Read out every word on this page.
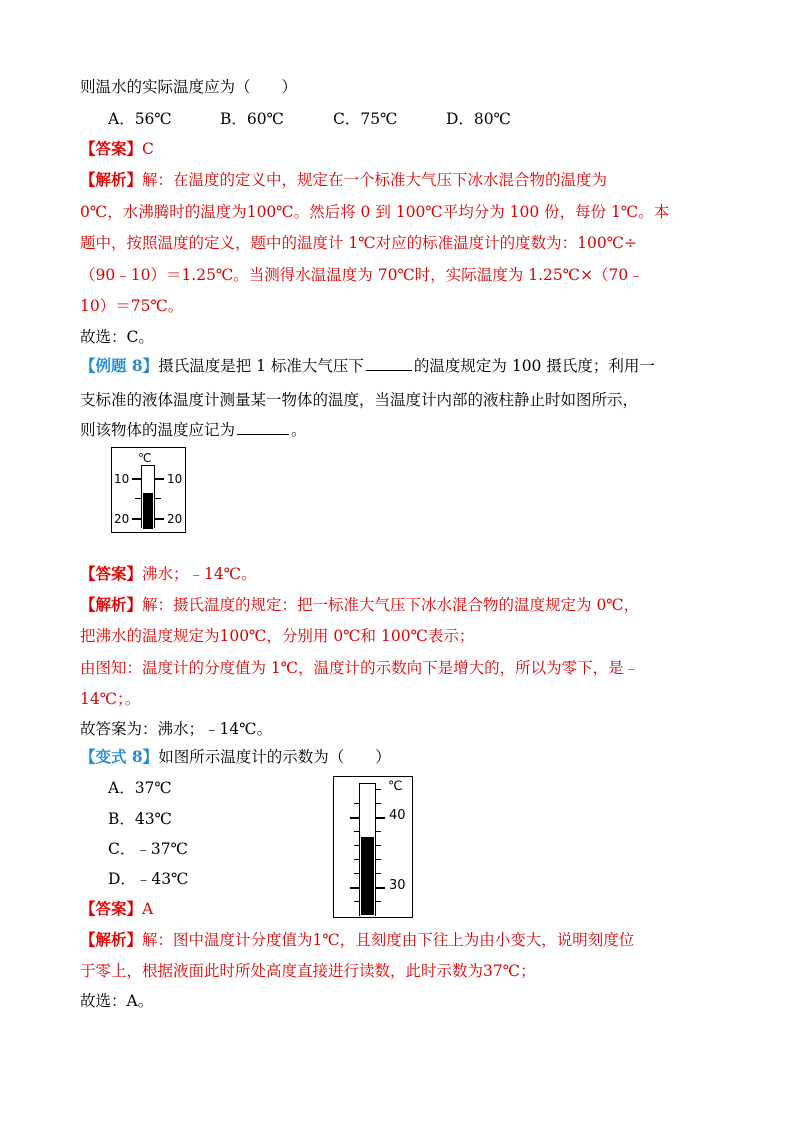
则温水的实际温度应为（　　）
A．56℃	B．60℃	C．75℃	D．80℃
【答案】C
【解析】解：在温度的定义中，规定在一个标准大气压下冰水混合物的温度为
0℃，水沸腾时的温度为100℃。然后将 0 到 100℃平均分为 100 份，每份 1℃。本
题中，按照温度的定义，题中的温度计 1℃对应的标准温度计的度数为：100℃÷
（90﹣10）＝1.25℃。当测得水温温度为 70℃时，实际温度为 1.25℃×（70﹣
10）＝75℃。
故选：C。
【例题 8】摄氏温度是把 1 标准大气压下	的温度规定为 100 摄氏度；利用一
支标准的液体温度计测量某一物体的温度，当温度计内部的液柱静止时如图所示，
则该物体的温度应记为	。
℃
10	10
20	20
【答案】沸水；﹣14℃。
【解析】解：摄氏温度的规定：把一标准大气压下冰水混合物的温度规定为 0℃，
把沸水的温度规定为100℃，分别用 0℃和 100℃表示；
由图知：温度计的分度值为 1℃，温度计的示数向下是增大的，所以为零下，是﹣
14℃；。
故答案为：沸水；﹣14℃。
【变式 8】如图所示温度计的示数为（　　）
A．37℃
B．43℃
C．﹣37℃
D．﹣43℃
℃
40
30
【答案】A
【解析】解：图中温度计分度值为1℃，且刻度由下往上为由小变大，说明刻度位
于零上，根据液面此时所处高度直接进行读数，此时示数为37℃；
故选：A。
